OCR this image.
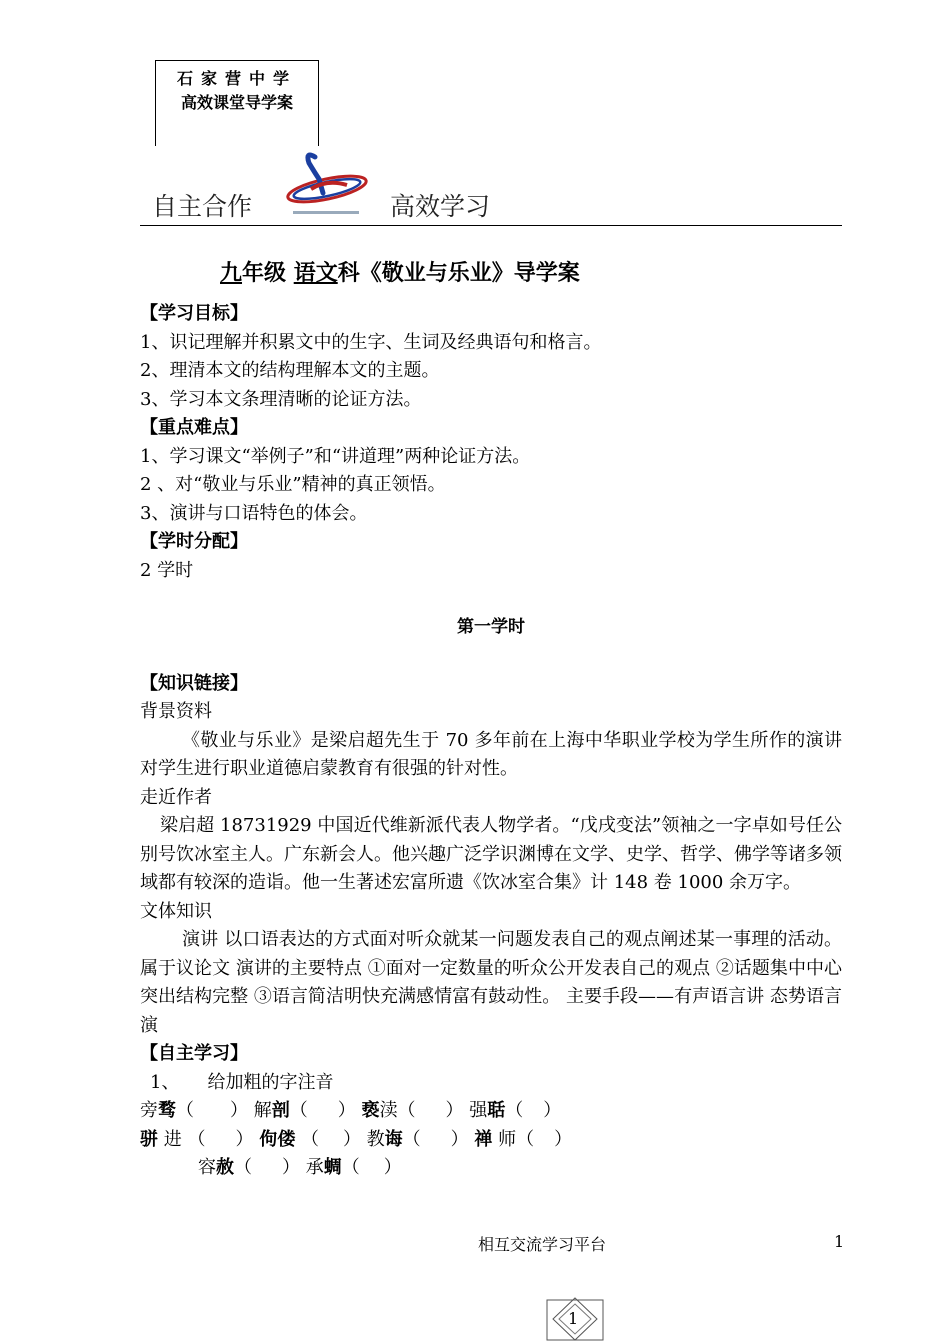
石家营中学
高效课堂导学案
自主合作	高效学习
九年级 语文科《敬业与乐业》导学案
【学习目标】
1、识记理解并积累文中的生字、生词及经典语句和格言。
2、理清本文的结构理解本文的主题。
3、学习本文条理清晰的论证方法。
【重点难点】
1、学习课文“举例子”和“讲道理”两种论证方法。
2 、对“敬业与乐业”精神的真正领悟。
3、演讲与口语特色的体会。
【学时分配】
2 学时
第一学时
【知识链接】
背景资料
《敬业与乐业》是梁启超先生于 70 多年前在上海中华职业学校为学生所作的演讲对学生进行职业道德启蒙教育有很强的针对性。
走近作者
梁启超 18731929 中国近代维新派代表人物学者。“戊戌变法”领袖之一字卓如号任公别号饮冰室主人。广东新会人。他兴趣广泛学识渊博在文学、史学、哲学、佛学等诸多领域都有较深的造诣。他一生著述宏富所遗《饮冰室合集》计 148 卷 1000 余万字。
文体知识
演讲 以口语表达的方式面对听众就某一问题发表自己的观点阐述某一事理的活动。属于议论文 演讲的主要特点 ①面对一定数量的听众公开发表自己的观点 ②话题集中中心突出结构完整 ③语言简洁明快充满感情富有鼓动性。 主要手段——有声语言讲 态势语言演
【自主学习】
1、 给加粗的字注音
旁骛（ ） 解剖（ ） 亵渎（ ） 强聒（ ）
骈 进 （ ） 佝偻 （ ） 教诲（ ） 禅 师（ ）
容赦（ ） 承蜩（ ）
相互交流学习平台	1
1
